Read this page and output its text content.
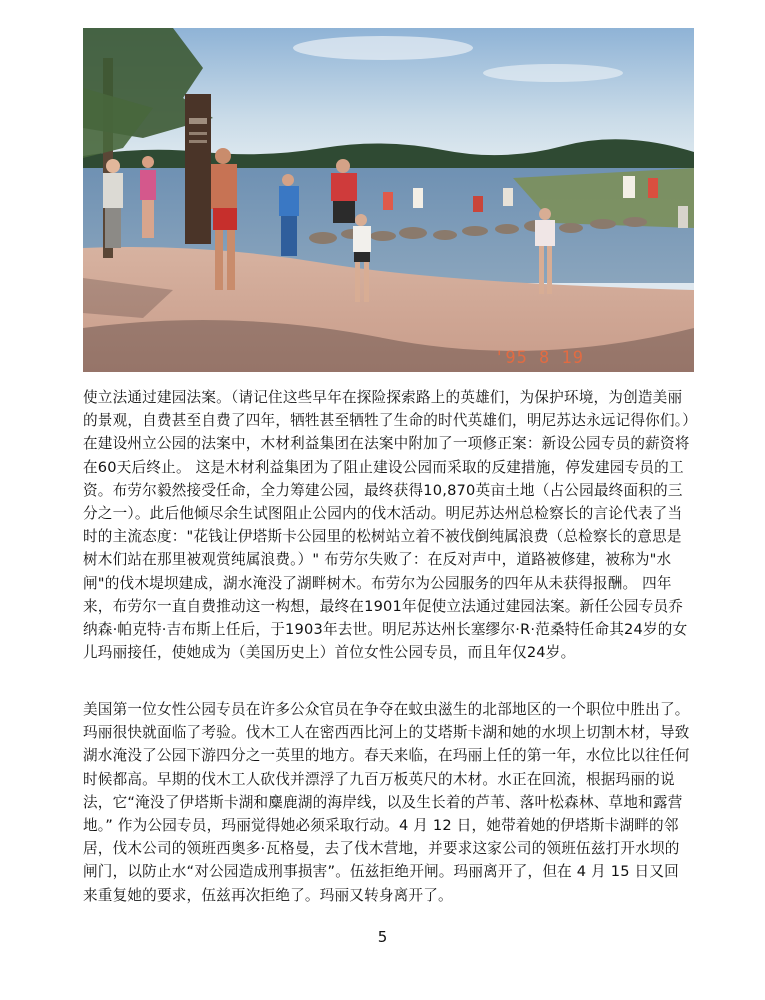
'95 8 19

使立法通过建园法案。（请记住这些早年在探险探索路上的英雄们，为保护环境，为创造美丽的景观，自费甚至自费了四年，牺牲甚至牺牲了生命的时代英雄们，明尼苏达永远记得你们。）在建设州立公园的法案中，木材利益集团在法案中附加了一项修正案：新设公园专员的薪资将在60天后终止。 这是木材利益集团为了阻止建设公园而采取的反建措施，停发建园专员的工资。布劳尔毅然接受任命，全力筹建公园，最终获得10,870英亩土地（占公园最终面积的三分之一）。此后他倾尽余生试图阻止公园内的伐木活动。明尼苏达州总检察长的言论代表了当时的主流态度："花钱让伊塔斯卡公园里的松树站立着不被伐倒纯属浪费（总检察长的意思是树木们站在那里被观赏纯属浪费。）" 布劳尔失败了：在反对声中，道路被修建，被称为"水闸"的伐木堤坝建成，湖水淹没了湖畔树木。布劳尔为公园服务的四年从未获得报酬。 四年来，布劳尔一直自费推动这一构想，最终在1901年促使立法通过建园法案。新任公园专员乔纳森·帕克特·吉布斯上任后，于1903年去世。明尼苏达州长塞缪尔·R·范桑特任命其24岁的女儿玛丽接任，使她成为（美国历史上）首位女性公园专员，而且年仅24岁。

美国第一位女性公园专员在许多公众官员在争夺在蚊虫滋生的北部地区的一个职位中胜出了。玛丽很快就面临了考验。伐木工人在密西西比河上的艾塔斯卡湖和她的水坝上切割木材，导致湖水淹没了公园下游四分之一英里的地方。春天来临，在玛丽上任的第一年，水位比以往任何时候都高。早期的伐木工人砍伐并漂浮了九百万板英尺的木材。水正在回流，根据玛丽的说法，它“淹没了伊塔斯卡湖和麋鹿湖的海岸线，以及生长着的芦苇、落叶松森林、草地和露营地。” 作为公园专员，玛丽觉得她必须采取行动。4 月 12 日，她带着她的伊塔斯卡湖畔的邻居，伐木公司的领班西奥多·瓦格曼，去了伐木营地，并要求这家公司的领班伍兹打开水坝的闸门，以防止水“对公园造成刑事损害”。伍兹拒绝开闸。玛丽离开了，但在 4 月 15 日又回来重复她的要求，伍兹再次拒绝了。玛丽又转身离开了。

5
